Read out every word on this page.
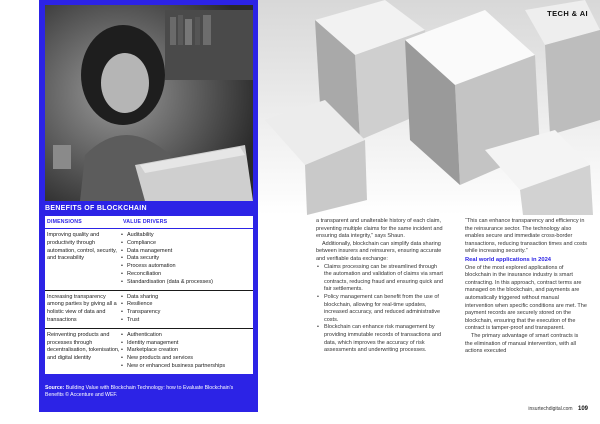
TECH & AI
BENEFITS OF BLOCKCHAIN
DIMENSIONS	VALUE DRIVERS
Improving quality and productivity through automation, control, security, and traceability
• Auditability
• Compliance
• Data management
• Data security
• Process automation
• Reconciliation
• Standardisation (data & processes)
Increasing transparency among parties by giving all a holistic view of data and transactions
• Data sharing
• Resilience
• Transparency
• Trust
Reinventing products and processes through decentralisation, tokenisation, and digital identity
• Authentication
• Identity management
• Marketplace creation
• New products and services
• New or enhanced business partnerships
Source: Building Value with Blockchain Technology: how to Evaluate Blockchain's Benefits © Accenture and WEF.

a transparent and unalterable history of each claim, preventing multiple claims for the same incident and ensuring data integrity,” says Shaun.

Additionally, blockchain can simplify data sharing between insurers and reinsurers, ensuring accurate and verifiable data exchange:

• Claims processing can be streamlined through the automation and validation of claims via smart contracts, reducing fraud and ensuring quick and fair settlements.
• Policy management can benefit from the use of blockchain, allowing for real-time updates, increased accuracy, and reduced administrative costs.
• Blockchain can enhance risk management by providing immutable records of transactions and data, which improves the accuracy of risk assessments and underwriting processes.

“This can enhance transparency and efficiency in the reinsurance sector. The technology also enables secure and immediate cross-border transactions, reducing transaction times and costs while increasing security.”

Real world applications in 2024

One of the most explored applications of blockchain in the insurance industry is smart contracting. In this approach, contract terms are managed on the blockchain, and payments are automatically triggered without manual intervention when specific conditions are met. The payment records are securely stored on the blockchain, ensuring that the execution of the contract is tamper-proof and transparent.

The primary advantage of smart contracts is the elimination of manual intervention, with all actions executed

insurtechdigital.com 109
